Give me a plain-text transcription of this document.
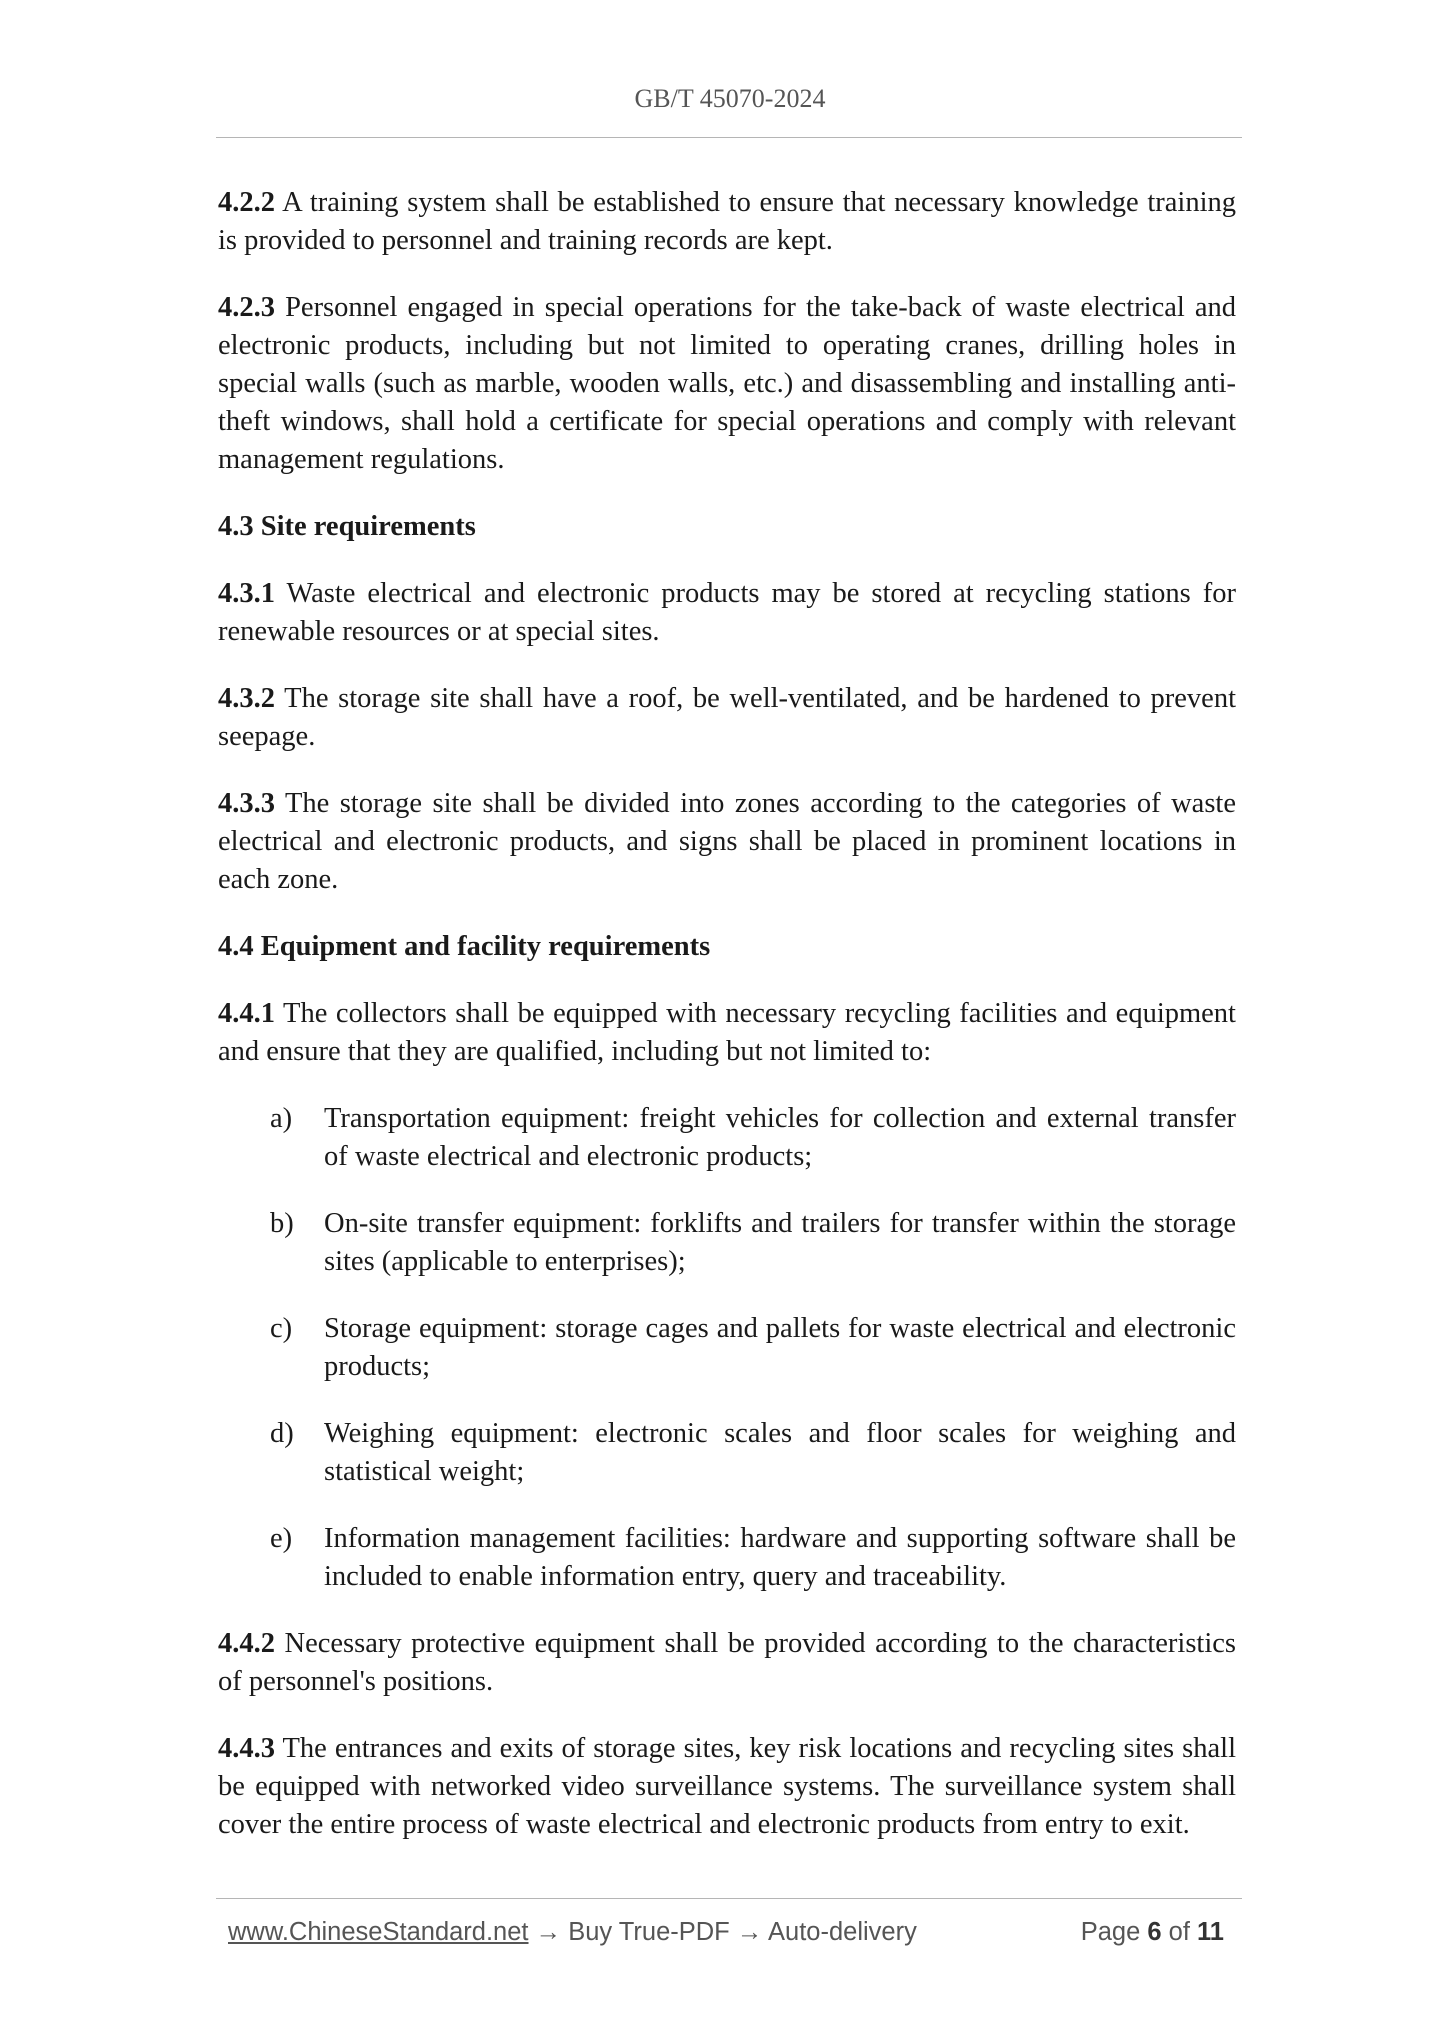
GB/T 45070-2024

4.2.2 A training system shall be established to ensure that necessary knowledge training is provided to personnel and training records are kept.

4.2.3 Personnel engaged in special operations for the take-back of waste electrical and electronic products, including but not limited to operating cranes, drilling holes in special walls (such as marble, wooden walls, etc.) and disassembling and installing anti-theft windows, shall hold a certificate for special operations and comply with relevant management regulations.

4.3 Site requirements

4.3.1 Waste electrical and electronic products may be stored at recycling stations for renewable resources or at special sites.

4.3.2 The storage site shall have a roof, be well-ventilated, and be hardened to prevent seepage.

4.3.3 The storage site shall be divided into zones according to the categories of waste electrical and electronic products, and signs shall be placed in prominent locations in each zone.

4.4 Equipment and facility requirements

4.4.1 The collectors shall be equipped with necessary recycling facilities and equipment and ensure that they are qualified, including but not limited to:

a)	Transportation equipment: freight vehicles for collection and external transfer of waste electrical and electronic products;
b)	On-site transfer equipment: forklifts and trailers for transfer within the storage sites (applicable to enterprises);
c)	Storage equipment: storage cages and pallets for waste electrical and electronic products;
d)	Weighing equipment: electronic scales and floor scales for weighing and statistical weight;
e)	Information management facilities: hardware and supporting software shall be included to enable information entry, query and traceability.

4.4.2 Necessary protective equipment shall be provided according to the characteristics of personnel's positions.

4.4.3 The entrances and exits of storage sites, key risk locations and recycling sites shall be equipped with networked video surveillance systems. The surveillance system shall cover the entire process of waste electrical and electronic products from entry to exit.

www.ChineseStandard.net → Buy True-PDF → Auto-delivery	Page 6 of 11
